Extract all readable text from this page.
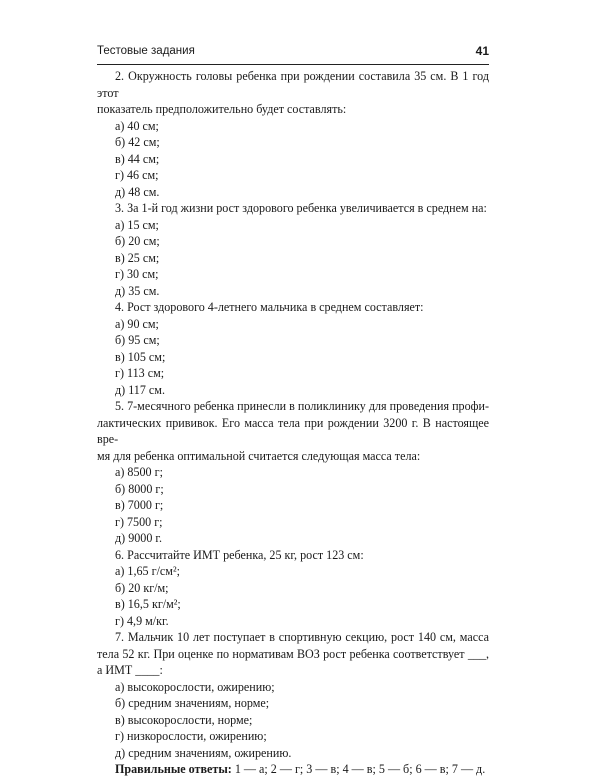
Тестовые задания	41

2. Окружность головы ребенка при рождении составила 35 см. В 1 год этот

показатель предположительно будет составлять:

а) 40 см;

б) 42 см;

в) 44 см;

г) 46 см;

д) 48 см.

3. За 1-й год жизни рост здорового ребенка увеличивается в среднем на:

а) 15 см;

б) 20 см;

в) 25 см;

г) 30 см;

д) 35 см.

4. Рост здорового 4-летнего мальчика в среднем составляет:

а) 90 см;

б) 95 см;

в) 105 см;

г) 113 см;

д) 117 см.

5. 7-месячного ребенка принесли в поликлинику для проведения профи-

лактических прививок. Его масса тела при рождении 3200 г. В настоящее вре-

мя для ребенка оптимальной считается следующая масса тела:

а) 8500 г;

б) 8000 г;

в) 7000 г;

г) 7500 г;

д) 9000 г.

6. Рассчитайте ИМТ ребенка, 25 кг, рост 123 см:

а) 1,65 г/см²;

б) 20 кг/м;

в) 16,5 кг/м²;

г) 4,9 м/кг.

7. Мальчик 10 лет поступает в спортивную секцию, рост 140 см, масса

тела 52 кг. При оценке по нормативам ВОЗ рост ребенка соответствует ___,

а ИМТ ____:

а) высокорослости, ожирению;

б) средним значениям, норме;

в) высокорослости, норме;

г) низкорослости, ожирению;

д) средним значениям, ожирению.

Правильные ответы: 1 — а; 2 — г; 3 — в; 4 — в; 5 — б; 6 — в; 7 — д.
